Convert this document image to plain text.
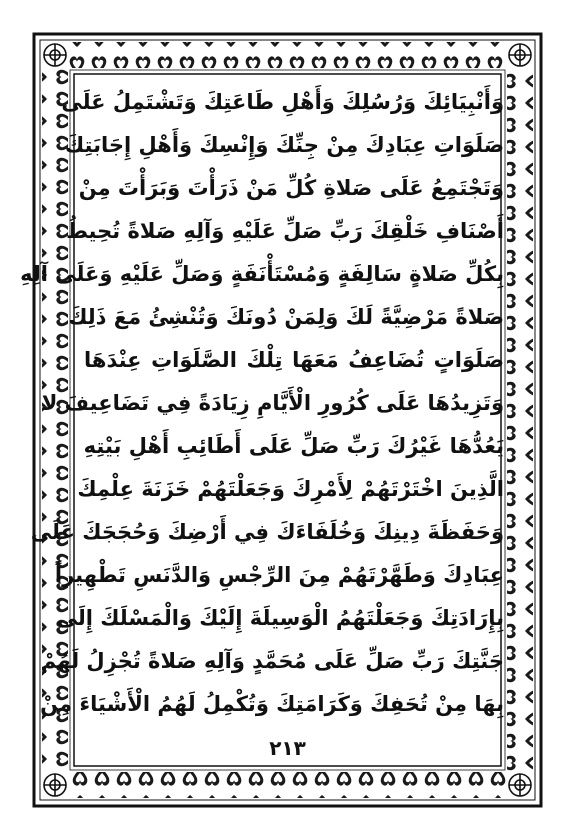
وَأَنْبِيَائِكَ وَرُسُلِكَ وَأَهْلِ طَاعَتِكَ وَتَشْتَمِلُ عَلَى
صَلَوَاتِ عِبَادِكَ مِنْ جِنِّكَ وَإِنْسِكَ وَأَهْلِ إِجَابَتِكَ
وَتَجْتَمِعُ عَلَى صَلاةِ كُلِّ مَنْ ذَرَأْتَ وَبَرَأْتَ مِنْ
أَصْنَافِ خَلْقِكَ رَبِّ صَلِّ عَلَيْهِ وَآلِهِ صَلاةً تُحِيطُ
بِكُلِّ صَلاةٍ سَالِفَةٍ وَمُسْتَأْنَفَةٍ وَصَلِّ عَلَيْهِ وَعَلَى آلِهِ
صَلاةً مَرْضِيَّةً لَكَ وَلِمَنْ دُونَكَ وَتُنْشِئُ مَعَ ذَلِكَ
صَلَوَاتٍ تُضَاعِفُ مَعَهَا تِلْكَ الصَّلَوَاتِ عِنْدَهَا
وَتَزِيدُهَا عَلَى كُرُورِ الْأَيَّامِ زِيَادَةً فِي تَضَاعِيفَ لا
يَعُدُّهَا غَيْرُكَ رَبِّ صَلِّ عَلَى أَطَائِبِ أَهْلِ بَيْتِهِ
الَّذِينَ اخْتَرْتَهُمْ لِأَمْرِكَ وَجَعَلْتَهُمْ خَزَنَةَ عِلْمِكَ
وَحَفَظَةَ دِينِكَ وَخُلَفَاءَكَ فِي أَرْضِكَ وَحُجَجَكَ عَلَى
عِبَادِكَ وَطَهَّرْتَهُمْ مِنَ الرِّجْسِ وَالدَّنَسِ تَطْهِيراً
بِإِرَادَتِكَ وَجَعَلْتَهُمُ الْوَسِيلَةَ إِلَيْكَ وَالْمَسْلَكَ إِلَى
جَنَّتِكَ رَبِّ صَلِّ عَلَى مُحَمَّدٍ وَآلِهِ صَلاةً تُجْزِلُ لَهُمْ
بِهَا مِنْ تُحَفِكَ وَكَرَامَتِكَ وَتُكْمِلُ لَهُمُ الْأَشْيَاءَ مِنْ
٢١٣
